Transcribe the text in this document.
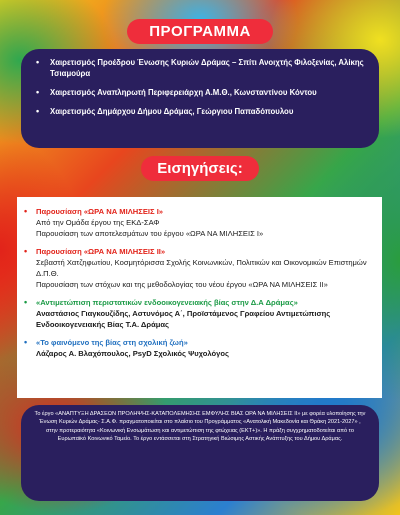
ΠΡΟΓΡΑΜΜΑ
• Χαιρετισμός Προέδρου Ένωσης Κυριών Δράμας – Σπίτι Ανοιχτής Φιλοξενίας, Αλίκης Τσιαμούρα
• Χαιρετισμός Αναπληρωτή Περιφερειάρχη Α.Μ.Θ., Κωνσταντίνου Κόντου
• Χαιρετισμός Δημάρχου Δήμου Δράμας, Γεώργιου Παπαδόπουλου
Εισηγήσεις:
• Παρουσίαση «ΩΡΑ ΝΑ ΜΙΛΗΣΕΙΣ Ι»
Από την Ομάδα έργου της ΕΚΔ-ΣΑΦ
Παρουσίαση των αποτελεσμάτων του έργου «ΩΡΑ ΝΑ ΜΙΛΗΣΕΙΣ Ι»
• Παρουσίαση «ΩΡΑ ΝΑ ΜΙΛΗΣΕΙΣ ΙΙ»
Σεβαστή Χατζηφωτίου, Κοσμητόρισσα Σχολής Κοινωνικών, Πολιτικών και Οικονομικών Επιστημών Δ.Π.Θ.
Παρουσίαση των στόχων και της μεθοδολογίας του νέου έργου «ΩΡΑ ΝΑ ΜΙΛΗΣΕΙΣ ΙΙ»
• «Αντιμετώπιση περιστατικών ενδοοικογενειακής βίας στην Δ.Α Δράμας»
Αναστάσιος Γιαγκουζίδης, Αστυνόμος Α΄, Προϊστάμενος Γραφείου Αντιμετώπισης Ενδοοικογενειακής Βίας Τ.Α. Δράμας
• «Το φαινόμενο της βίας στη σχολική ζωή»
Λάζαρος Α. Βλαχόπουλος, PsyD Σχολικός Ψυχολόγος

Το έργο «ΑΝΑΠΤΥΞΗ ΔΡΑΣΕΩΝ ΠΡΟΛΗΨΗΣ-ΚΑΤΑΠΟΛΕΜΗΣΗΣ ΕΜΦΥΛΗΣ ΒΙΑΣ ΩΡΑ ΝΑ ΜΙΛΗΣΕΙΣ ΙΙ» με φορέα υλοποίησης την Ένωση Κυριών Δράμας- Σ.Α.Φ. πραγματοποιείται στο πλαίσιο του Προγράμματος «Ανατολική Μακεδονία και Θράκη 2021-2027» , στην προτεραιότητα «Κοινωνική Ενσωμάτωση και αντιμετώπιση της φτώχειας (ΕΚΤ+)». Η πράξη συγχρηματοδοτείται από το Ευρωπαϊκό Κοινωνικό Ταμείο. Το έργο εντάσσεται στη Στρατηγική Βιώσιμης Αστικής Ανάπτυξης του Δήμου Δράμας.
